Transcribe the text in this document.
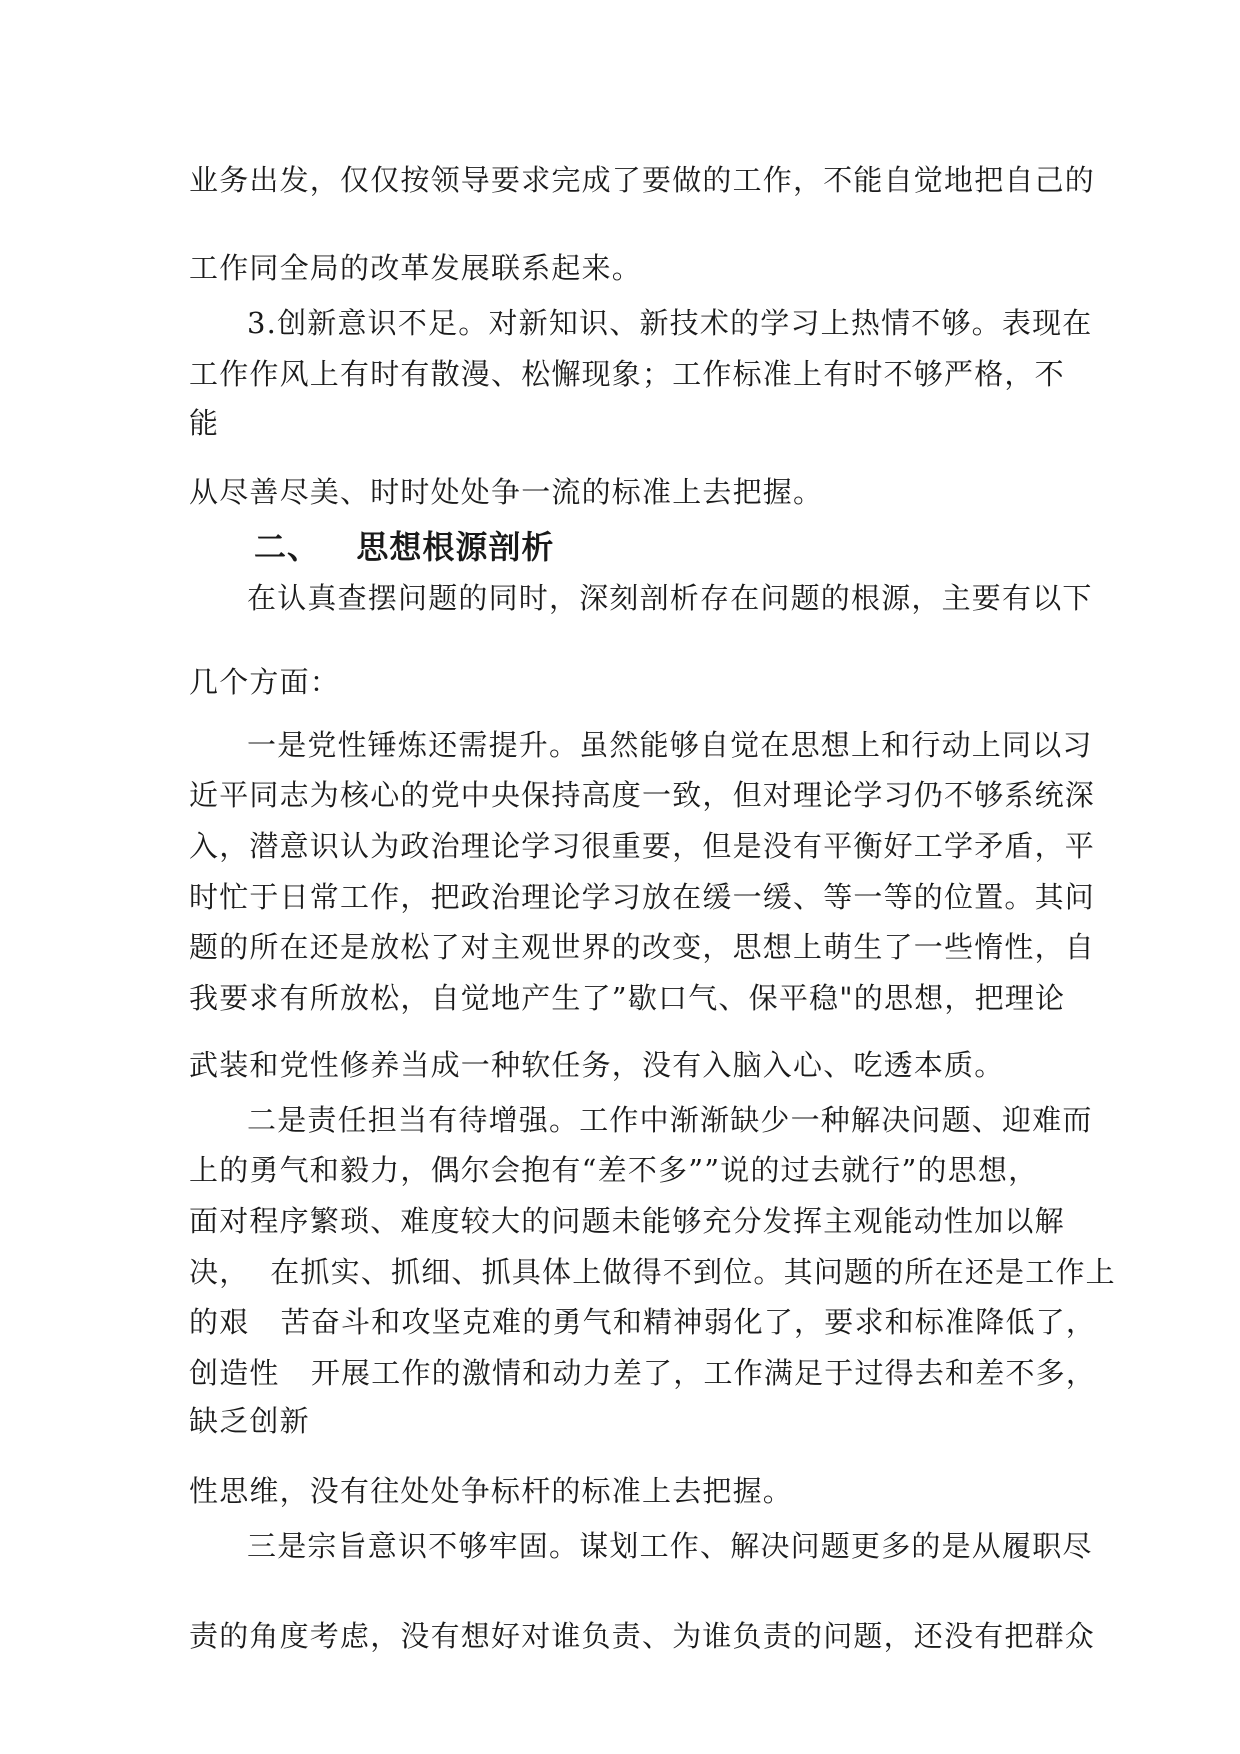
业务出发，仅仅按领导要求完成了要做的工作，不能自觉地把自己的
工作同全局的改革发展联系起来。
3.创新意识不足。对新知识、新技术的学习上热情不够。表现在
工作作风上有时有散漫、松懈现象；工作标准上有时不够严格，不
能
从尽善尽美、时时处处争一流的标准上去把握。
二、   思想根源剖析
在认真查摆问题的同时，深刻剖析存在问题的根源，主要有以下
几个方面：
一是党性锤炼还需提升。虽然能够自觉在思想上和行动上同以习
近平同志为核心的党中央保持高度一致，但对理论学习仍不够系统深
入，潜意识认为政治理论学习很重要，但是没有平衡好工学矛盾，平
时忙于日常工作，把政治理论学习放在缓一缓、等一等的位置。其问
题的所在还是放松了对主观世界的改变，思想上萌生了一些惰性，自
我要求有所放松，自觉地产生了”歇口气、保平稳"的思想，把理论
武装和党性修养当成一种软任务，没有入脑入心、吃透本质。
二是责任担当有待增强。工作中渐渐缺少一种解决问题、迎难而
上的勇气和毅力，偶尔会抱有“差不多””说的过去就行”的思想，
面对程序繁琐、难度较大的问题未能够充分发挥主观能动性加以解
决，  在抓实、抓细、抓具体上做得不到位。其问题的所在还是工作上
的艰   苦奋斗和攻坚克难的勇气和精神弱化了，要求和标准降低了，
创造性   开展工作的激情和动力差了，工作满足于过得去和差不多，
缺乏创新
性思维，没有往处处争标杆的标准上去把握。
三是宗旨意识不够牢固。谋划工作、解决问题更多的是从履职尽
责的角度考虑，没有想好对谁负责、为谁负责的问题，还没有把群众
